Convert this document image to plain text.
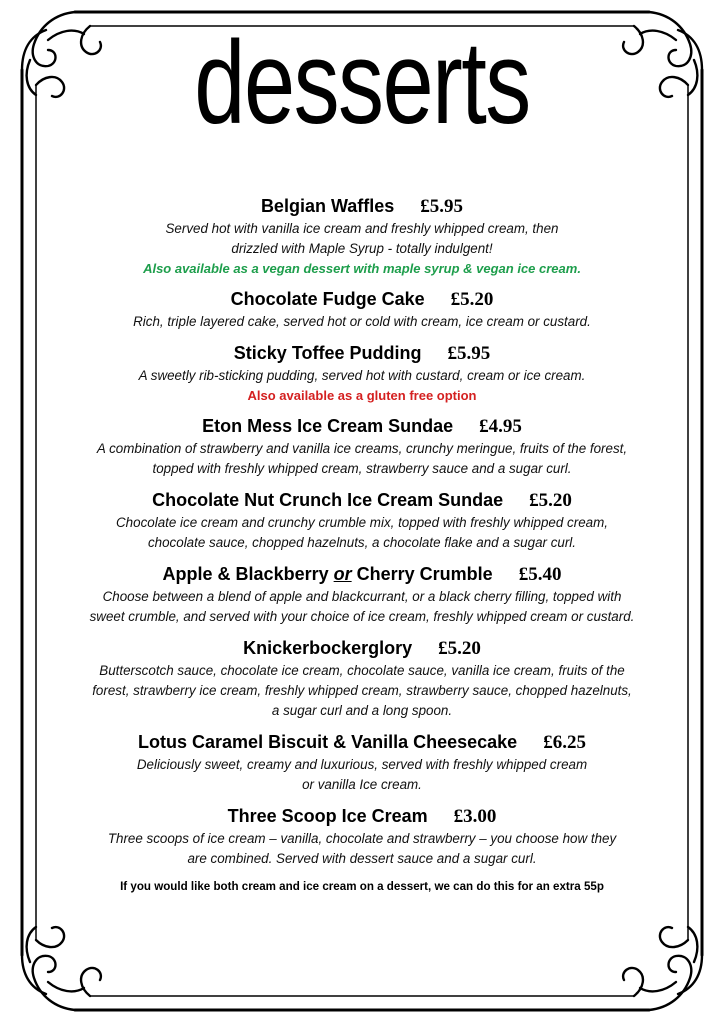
desserts
Belgian Waffles £5.95
Served hot with vanilla ice cream and freshly whipped cream, then
drizzled with Maple Syrup - totally indulgent!
Also available as a vegan dessert with maple syrup & vegan ice cream.
Chocolate Fudge Cake £5.20
Rich, triple layered cake, served hot or cold with cream, ice cream or custard.
Sticky Toffee Pudding £5.95
A sweetly rib-sticking pudding, served hot with custard, cream or ice cream.
Also available as a gluten free option
Eton Mess Ice Cream Sundae £4.95
A combination of strawberry and vanilla ice creams, crunchy meringue, fruits of the forest,
topped with freshly whipped cream, strawberry sauce and a sugar curl.
Chocolate Nut Crunch Ice Cream Sundae £5.20
Chocolate ice cream and crunchy crumble mix, topped with freshly whipped cream,
chocolate sauce, chopped hazelnuts, a chocolate flake and a sugar curl.
Apple & Blackberry or Cherry Crumble £5.40
Choose between a blend of apple and blackcurrant, or a black cherry filling, topped with
sweet crumble, and served with your choice of ice cream, freshly whipped cream or custard.
Knickerbockerglory £5.20
Butterscotch sauce, chocolate ice cream, chocolate sauce, vanilla ice cream, fruits of the
forest, strawberry ice cream, freshly whipped cream, strawberry sauce, chopped hazelnuts,
a sugar curl and a long spoon.
Lotus Caramel Biscuit & Vanilla Cheesecake £6.25
Deliciously sweet, creamy and luxurious, served with freshly whipped cream
or vanilla Ice cream.
Three Scoop Ice Cream £3.00
Three scoops of ice cream – vanilla, chocolate and strawberry – you choose how they
are combined. Served with dessert sauce and a sugar curl.
If you would like both cream and ice cream on a dessert, we can do this for an extra 55p
